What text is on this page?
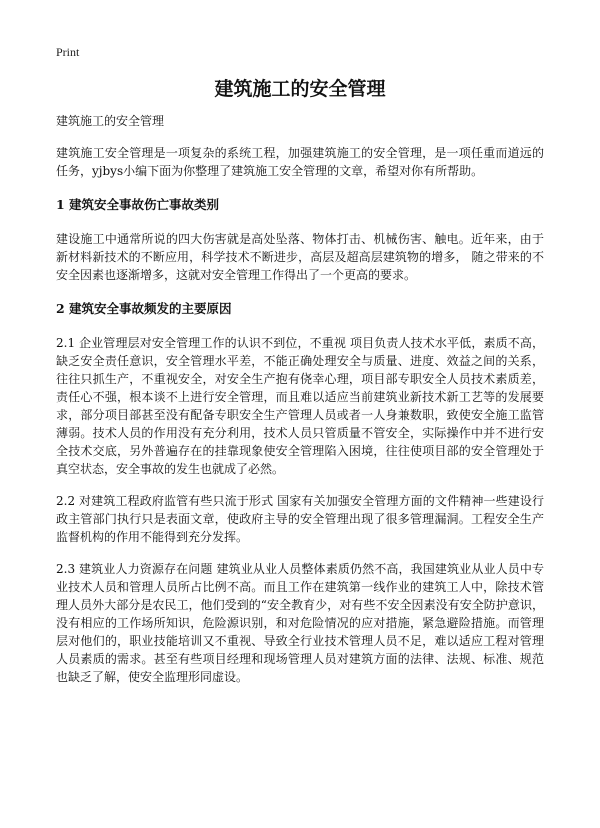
Print
建筑施工的安全管理
建筑施工的安全管理

建筑施工安全管理是一项复杂的系统工程，加强建筑施工的安全管理，是一项任重而道远的任务，yjbys小编下面为你整理了建筑施工安全管理的文章，希望对你有所帮助。

1 建筑安全事故伤亡事故类别

建设施工中通常所说的四大伤害就是高处坠落、物体打击、机械伤害、触电。近年来，由于新材料新技术的不断应用，科学技术不断进步，高层及超高层建筑物的增多， 随之带来的不安全因素也逐渐增多，这就对安全管理工作得出了一个更高的要求。

2 建筑安全事故频发的主要原因

2.1 企业管理层对安全管理工作的认识不到位，不重视 项目负责人技术水平低，素质不高，缺乏安全责任意识，安全管理水平差，不能正确处理安全与质量、进度、效益之间的关系，往往只抓生产，不重视安全，对安全生产抱有侥幸心理，项目部专职安全人员技术素质差，责任心不强，根本谈不上进行安全管理，而且难以适应当前建筑业新技术新工艺等的发展要求，部分项目部甚至没有配备专职安全生产管理人员或者一人身兼数职，致使安全施工监管薄弱。技术人员的作用没有充分利用，技术人员只管质量不管安全，实际操作中并不进行安全技术交底，另外普遍存在的挂靠现象使安全管理陷入困境，往往使项目部的安全管理处于真空状态，安全事故的发生也就成了必然。

2.2 对建筑工程政府监管有些只流于形式 国家有关加强安全管理方面的文件精神一些建设行政主管部门执行只是表面文章，使政府主导的安全管理出现了很多管理漏洞。工程安全生产监督机构的作用不能得到充分发挥。

2.3 建筑业人力资源存在问题 建筑业从业人员整体素质仍然不高，我国建筑业从业人员中专业技术人员和管理人员所占比例不高。而且工作在建筑第一线作业的建筑工人中，除技术管理人员外大部分是农民工，他们受到的“安全教育少，对有些不安全因素没有安全防护意识，没有相应的工作场所知识，危险源识别，和对危险情况的应对措施，紧急避险措施。而管理层对他们的，职业技能培训又不重视、导致全行业技术管理人员不足，难以适应工程对管理人员素质的需求。甚至有些项目经理和现场管理人员对建筑方面的法律、法规、标准、规范也缺乏了解，使安全监理形同虚设。
